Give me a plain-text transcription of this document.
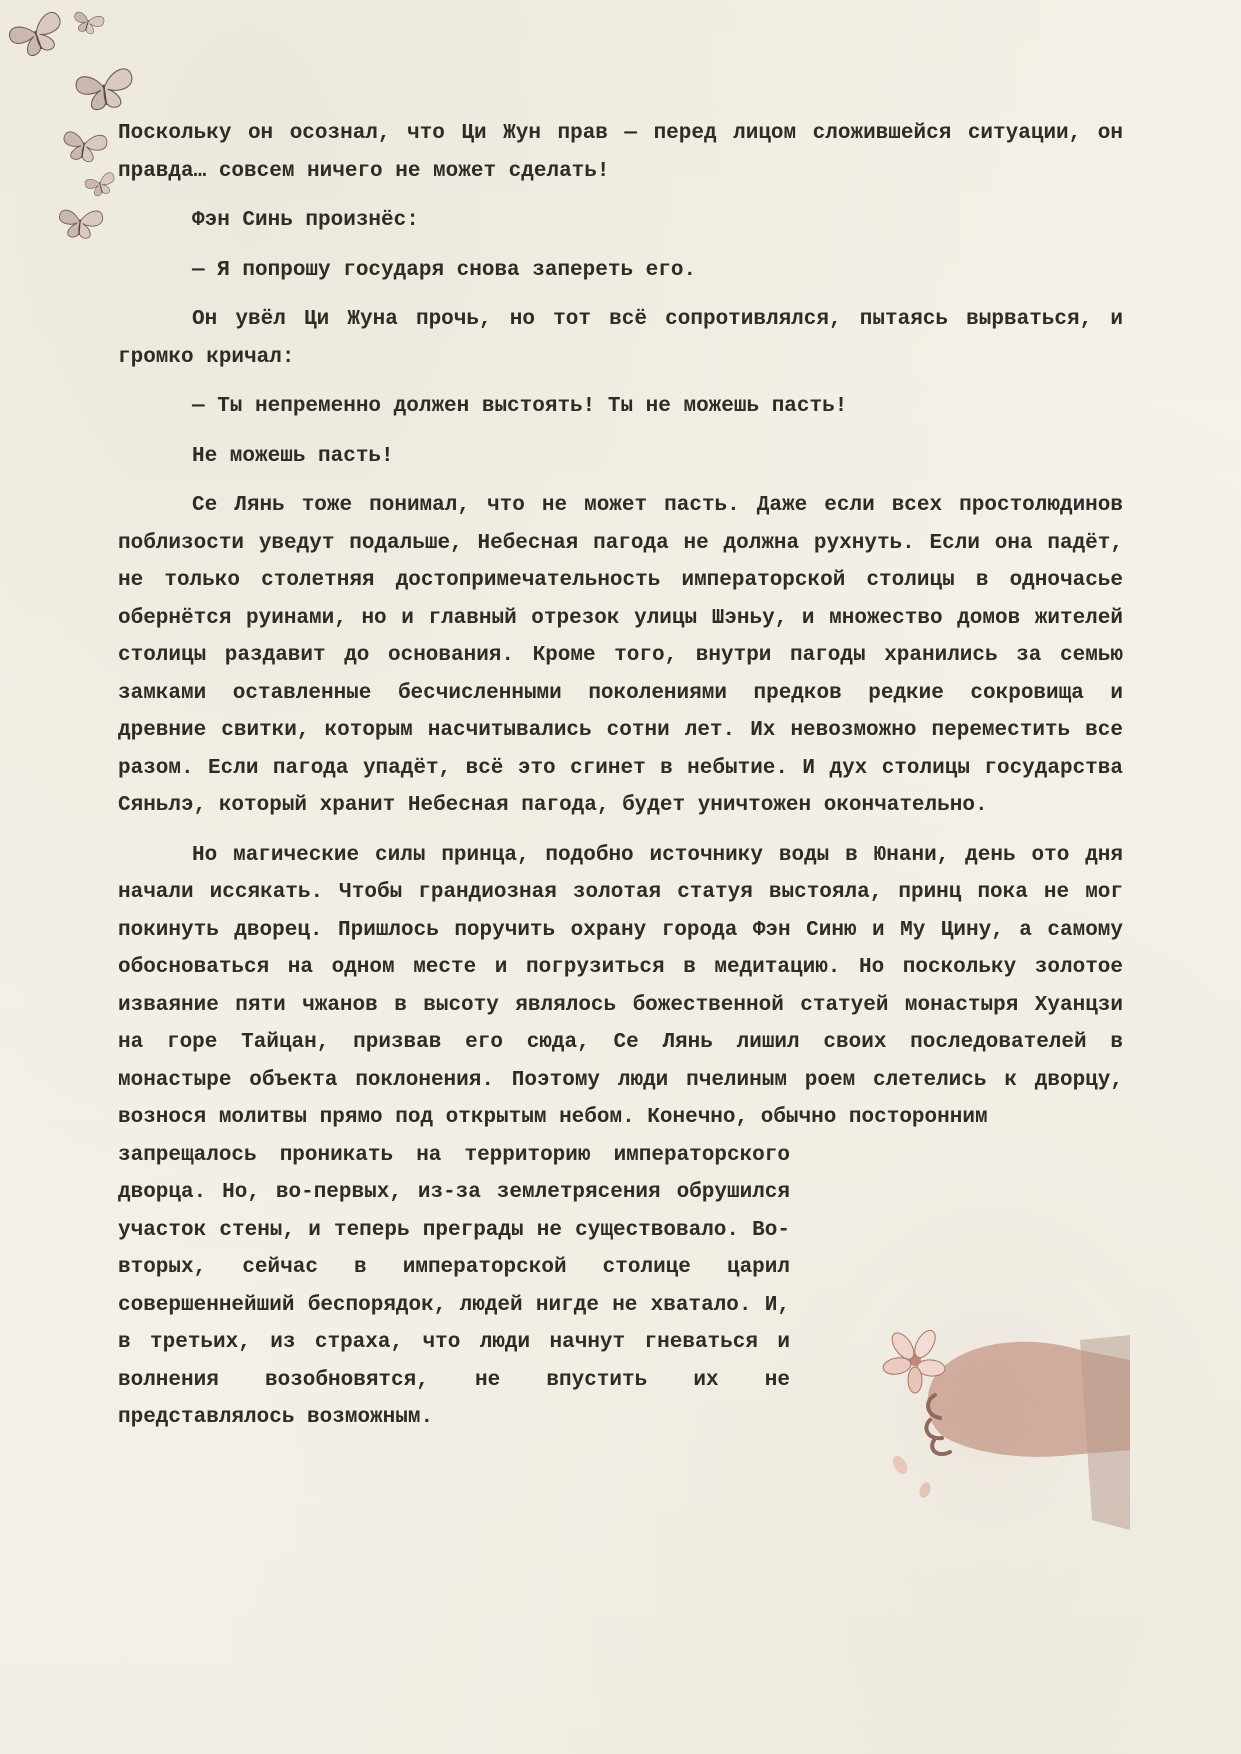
Поскольку он осознал, что Ци Жун прав — перед лицом сложившейся ситуации, он правда… совсем ничего не может сделать!

Фэн Синь произнёс:

— Я попрошу государя снова запереть его.

Он увёл Ци Жуна прочь, но тот всё сопротивлялся, пытаясь вырваться, и громко кричал:

— Ты непременно должен выстоять! Ты не можешь пасть!

Не можешь пасть!

Се Лянь тоже понимал, что не может пасть. Даже если всех простолюдинов поблизости уведут подальше, Небесная пагода не должна рухнуть. Если она падёт, не только столетняя достопримечательность императорской столицы в одночасье обернётся руинами, но и главный отрезок улицы Шэньу, и множество домов жителей столицы раздавит до основания. Кроме того, внутри пагоды хранились за семью замками оставленные бесчисленными поколениями предков редкие сокровища и древние свитки, которым насчитывались сотни лет. Их невозможно переместить все разом. Если пагода упадёт, всё это сгинет в небытие. И дух столицы государства Сяньлэ, который хранит Небесная пагода, будет уничтожен окончательно.

Но магические силы принца, подобно источнику воды в Юнани, день ото дня начали иссякать. Чтобы грандиозная золотая статуя выстояла, принц пока не мог покинуть дворец. Пришлось поручить охрану города Фэн Синю и Му Цину, а самому обосноваться на одном месте и погрузиться в медитацию. Но поскольку золотое изваяние пяти чжанов в высоту являлось божественной статуей монастыря Хуанцзи на горе Тайцан, призвав его сюда, Се Лянь лишил своих последователей в монастыре объекта поклонения. Поэтому люди пчелиным роем слетелись к дворцу, вознося молитвы прямо под открытым небом. Конечно, обычно посторонним

запрещалось проникать на территорию императорского дворца. Но, во-первых, из-за землетрясения обрушился участок стены, и теперь преграды не существовало. Во-вторых, сейчас в императорской столице царил совершеннейший беспорядок, людей нигде не хватало. И, в третьих, из страха, что люди начнут гневаться и волнения возобновятся, не впустить их не представлялось возможным.
